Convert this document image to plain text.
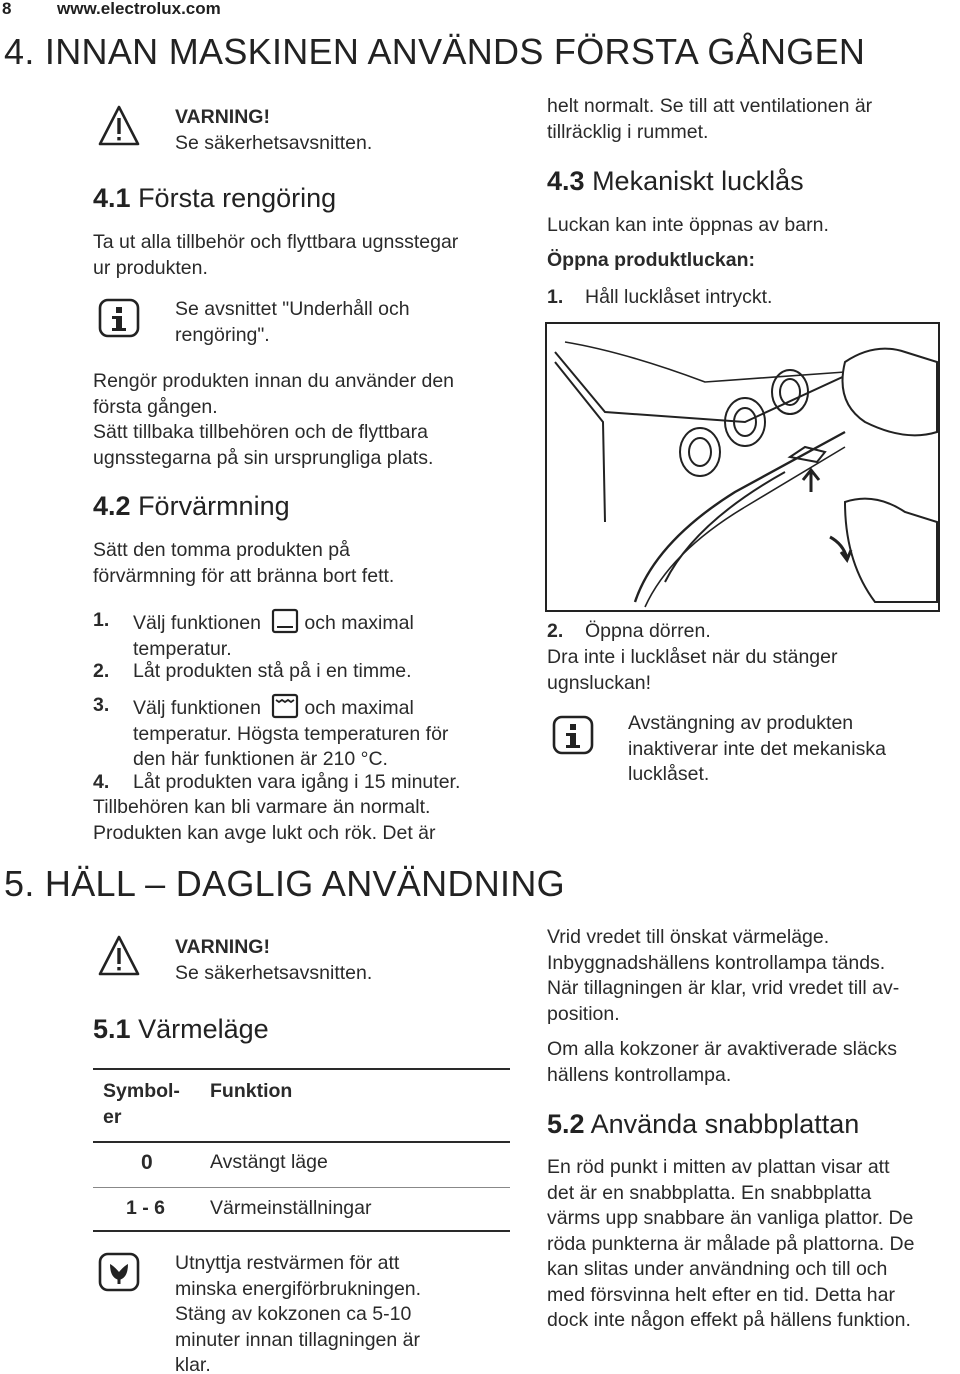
8	www.electrolux.com
4. INNAN MASKINEN ANVÄNDS FÖRSTA GÅNGEN
VARNING!
Se säkerhetsavsnitten.
4.1 Första rengöring
Ta ut alla tillbehör och flyttbara ugnsstegar
ur produkten.
Se avsnittet "Underhåll och
rengöring".
Rengör produkten innan du använder den
första gången.
Sätt tillbaka tillbehören och de flyttbara
ugnsstegarna på sin ursprungliga plats.
4.2 Förvärmning
Sätt den tomma produkten på
förvärmning för att bränna bort fett.
1. Välj funktionen och maximal
temperatur.
2. Låt produkten stå på i en timme.
3. Välj funktionen och maximal
temperatur. Högsta temperaturen för
den här funktionen är 210 °C.
4. Låt produkten vara igång i 15 minuter.
Tillbehören kan bli varmare än normalt.
Produkten kan avge lukt och rök. Det är
helt normalt. Se till att ventilationen är
tillräcklig i rummet.
4.3 Mekaniskt lucklås
Luckan kan inte öppnas av barn.
Öppna produktluckan:
1. Håll lucklåset intryckt.
2. Öppna dörren.
Dra inte i lucklåset när du stänger
ugnsluckan!
Avstängning av produkten
inaktiverar inte det mekaniska
lucklåset.
5. HÄLL – DAGLIG ANVÄNDNING
VARNING!
Se säkerhetsavsnitten.
5.1 Värmeläge
Symbol-
er
Funktion
0	Avstängt läge
1 - 6 Värmeinställningar
Utnyttja restvärmen för att
minska energiförbrukningen.
Stäng av kokzonen ca 5-10
minuter innan tillagningen är
klar.
Vrid vredet till önskat värmeläge.
Inbyggnadshällens kontrollampa tänds.
När tillagningen är klar, vrid vredet till av-
position.
Om alla kokzoner är avaktiverade släcks
hällens kontrollampa.
5.2 Använda snabbplattan
En röd punkt i mitten av plattan visar att
det är en snabbplatta. En snabbplatta
värms upp snabbare än vanliga plattor. De
röda punkterna är målade på plattorna. De
kan slitas under användning och till och
med försvinna helt efter en tid. Detta har
dock inte någon effekt på hällens funktion.
